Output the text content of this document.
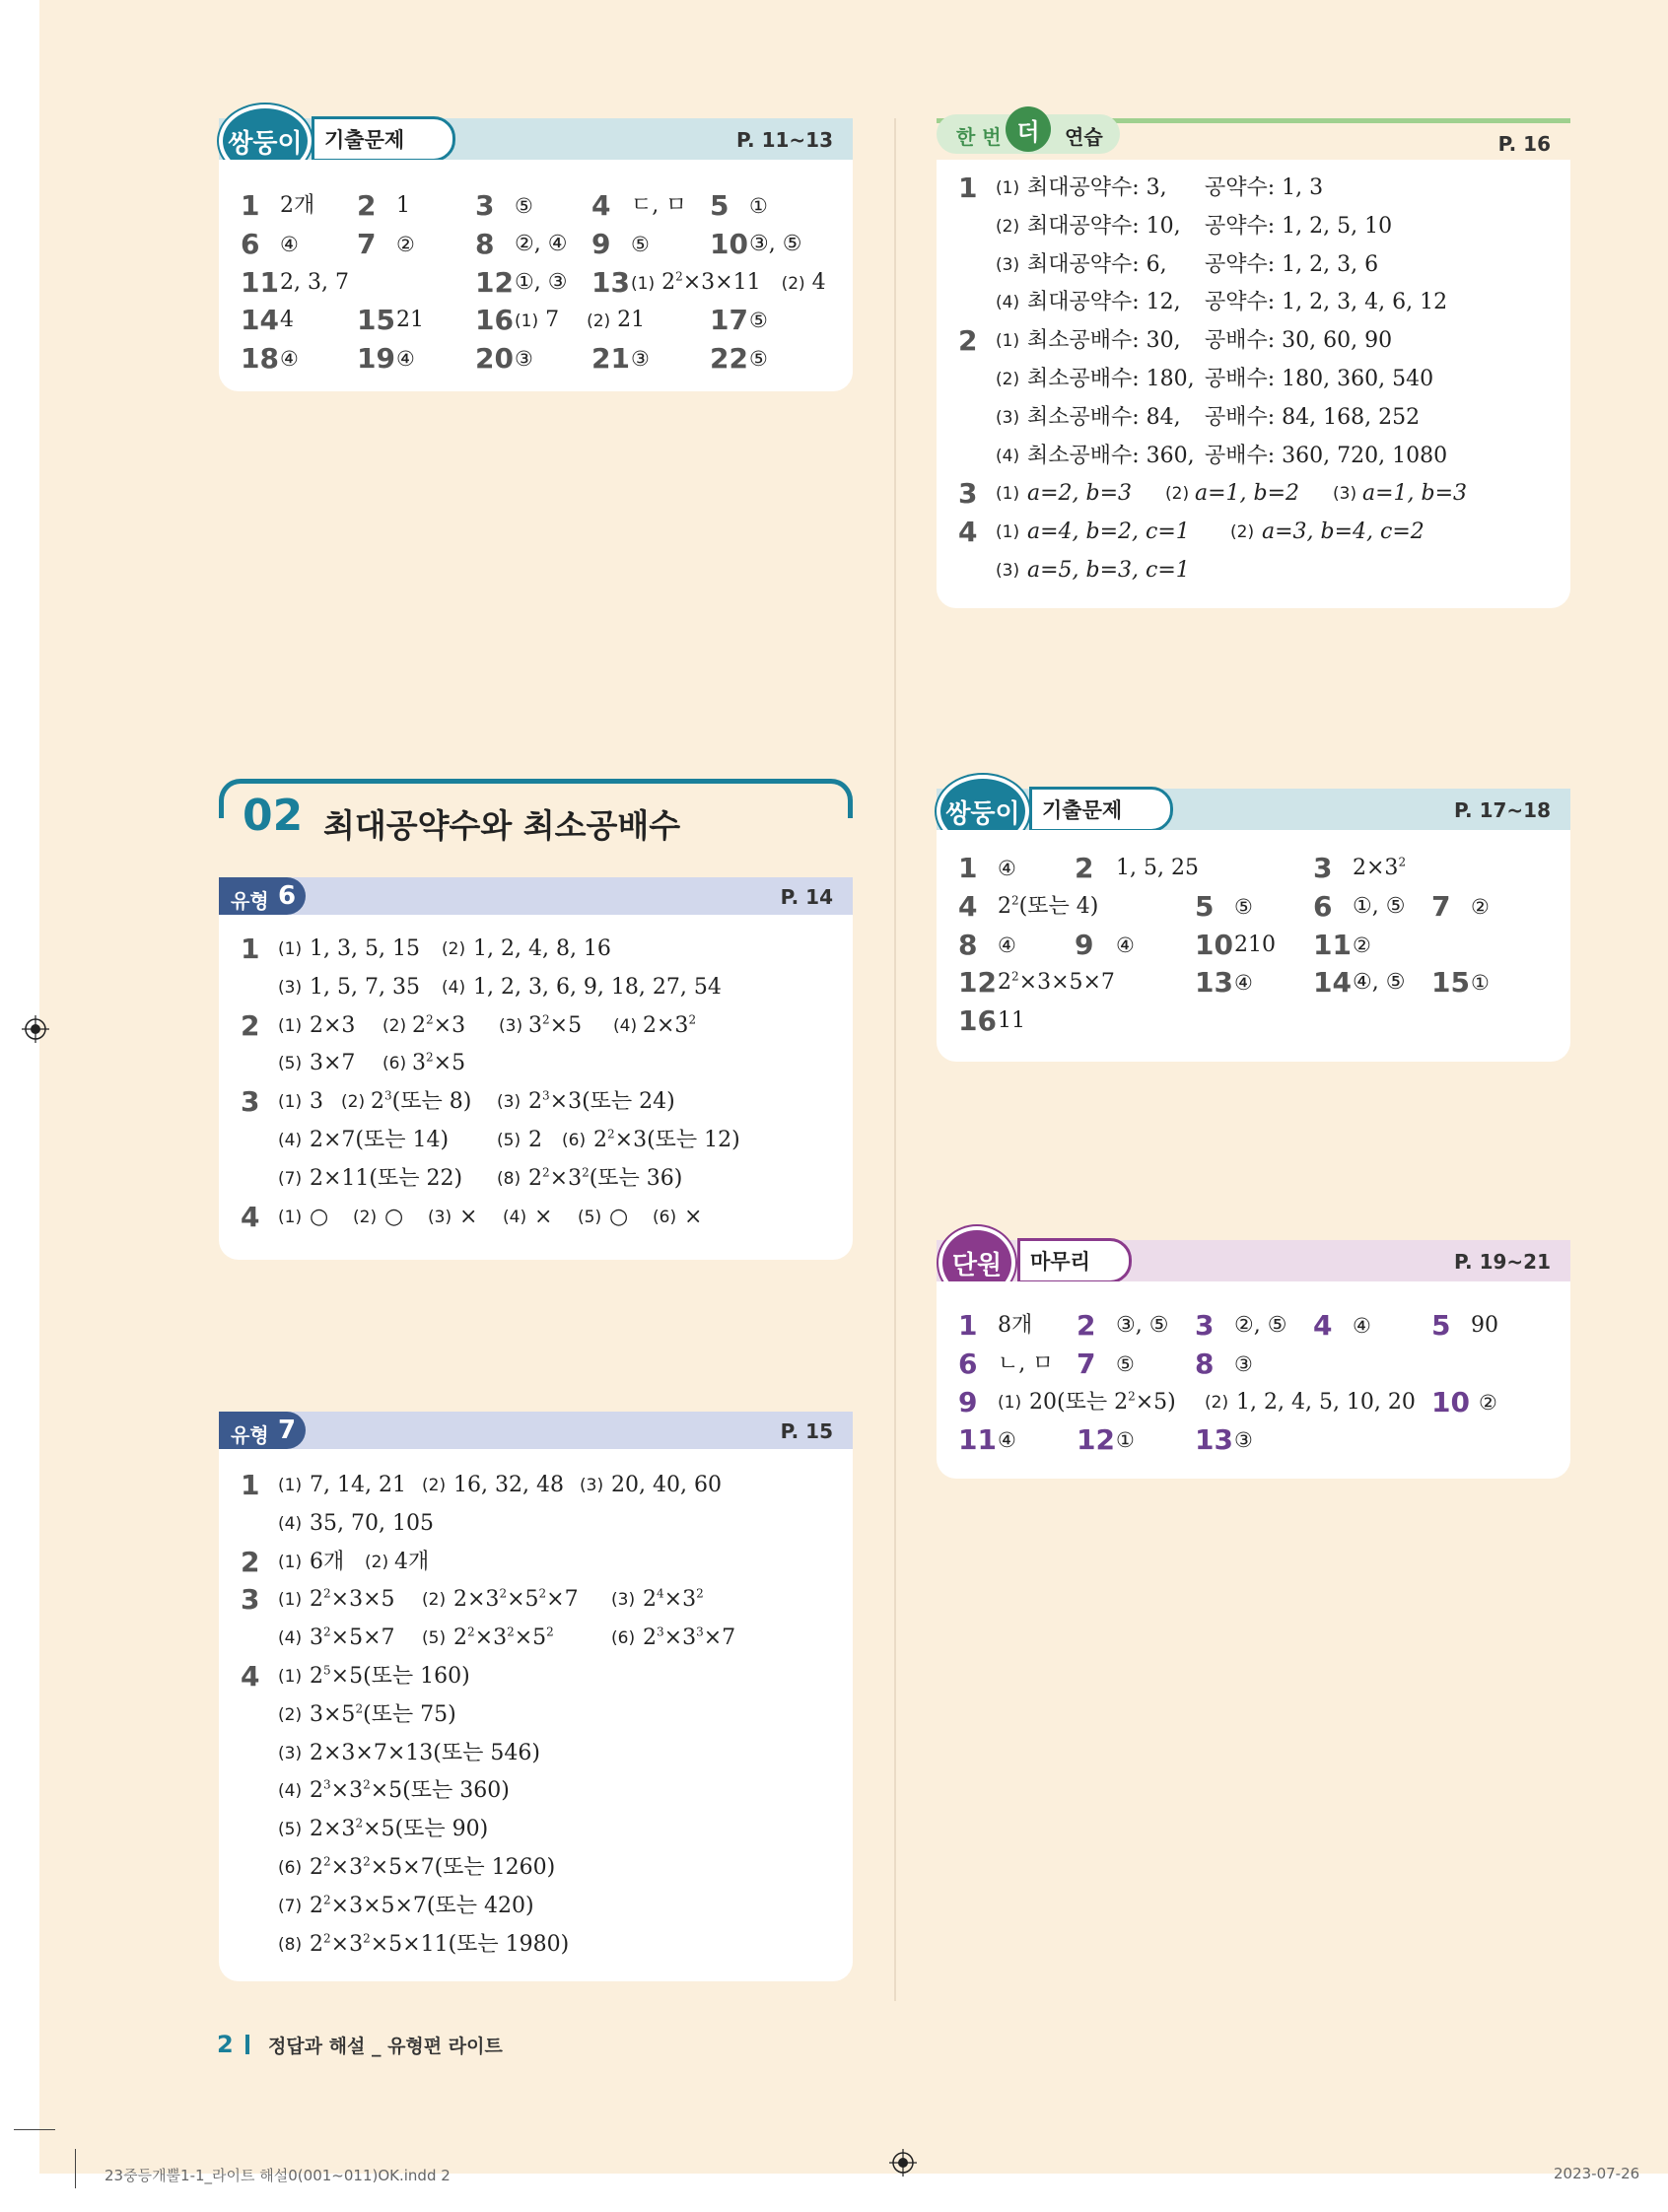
기출문제	P. 11~13
쌍둥이
1 2개 2 1 3 ⑤ 4 ㄷ, ㅁ 5 ①
6 ④ 7 ② 8 ②, ④ 9 ⑤ 10 ③, ⑤
11 2, 3, 7	12 ①, ③ 13 (1) $2^2\times 3\times 11$ (2) 4
14 4 15 21 16 (1) 7 (2) 21 17 ⑤
18 ④ 19 ④ 20 ③ 21 ③ 22 ⑤
P. 16
한 번	연습
더
1 (1) 최대공약수: 3, 공약수: 1, 3
(2) 최대공약수: 10, 공약수: 1, 2, 5, 10
(3) 최대공약수: 6, 공약수: 1, 2, 3, 6
(4) 최대공약수: 12, 공약수: 1, 2, 3, 4, 6, 12
2 (1) 최소공배수: 30, 공배수: 30, 60, 90
(2) 최소공배수: 180, 공배수: 180, 360, 540
(3) 최소공배수: 84, 공배수: 84, 168, 252
(4) 최소공배수: 360, 공배수: 360, 720, 1080
3 (1) a=2, b=3 (2) a=1, b=2 (3) a=1, b=3
4 (1) a=4, b=2, c=1 (2) a=3, b=4, c=2
(3) a=5, b=3, c=1
02 최대공약수와 최소공배수
유형 6	P. 14
1 (1) 1, 3, 5, 15 (2) 1, 2, 4, 8, 16
(3) 1, 5, 7, 35 (4) 1, 2, 3, 6, 9, 18, 27, 54
2 (1) 2×3 (2) $2^2\times 3$ (3) $3^2\times 5$ (4) $2\times 3^2$
(5) 3×7 (6) $3^2\times 5$
3 (1) 3 (2) $2^3$(또는 8) (3) $2^3\times 3$(또는 24)
(4) 2×7(또는 14)	(5) 2 (6) $2^2\times 3$(또는 12)
(7) 2×11(또는 22) (8) $2^2\times 3^2$(또는 36)
4 (1) ○ (2) ○ (3) × (4) × (5) ○ (6) ×
기출문제	P. 17~18
쌍둥이
1 ④ 2 1, 5, 25	3 $2\times 3^2$
4 $2^2$(또는 4)	5 ⑤ 6 ①, ⑤ 7 ②
8 ④ 9 ④ 10 210 11 ②
12 $2^2\times 3\times 5\times 7$	13 ④ 14 ④, ⑤ 15 ①
16 11
유형 7	P. 15
1 (1) 7, 14, 21 (2) 16, 32, 48 (3) 20, 40, 60
(4) 35, 70, 105
2 (1) 6개 (2) 4개
3 (1) $2^2\times 3\times 5$ (2) $2\times 3^2\times 5^2\times 7$ (3) $2^4\times 3^2$
(4) $3^2\times 5\times 7$ (5) $2^2\times 3^2\times 5^2$	(6) $2^3\times 3^3\times 7$
4 (1) $2^5\times 5$(또는 160)
(2) $3\times 5^2$(또는 75)
(3) 2×3×7×13(또는 546)
(4) $2^3\times 3^2\times 5$(또는 360)
(5) $2\times 3^2\times 5$(또는 90)
(6) $2^2\times 3^2\times 5\times 7$(또는 1260)
(7) $2^2\times 3\times 5\times 7$(또는 420)
(8) $2^2\times 3^2\times 5\times 11$(또는 1980)
마무리	P. 19~21
단원
1 8개 2 ③, ⑤ 3 ②, ⑤ 4 ④ 5 90
6 ㄴ, ㅁ 7 ⑤ 8 ③
9 (1) 20(또는 $2^2\times 5$) (2) 1, 2, 4, 5, 10, 20 10 ②
11 ④ 12 ① 13 ③
2 정답과 해설 _ 유형편 라이트
23중등개뿔1-1_라이트 해설0(001~011)OK.indd 2	2023-07-26
